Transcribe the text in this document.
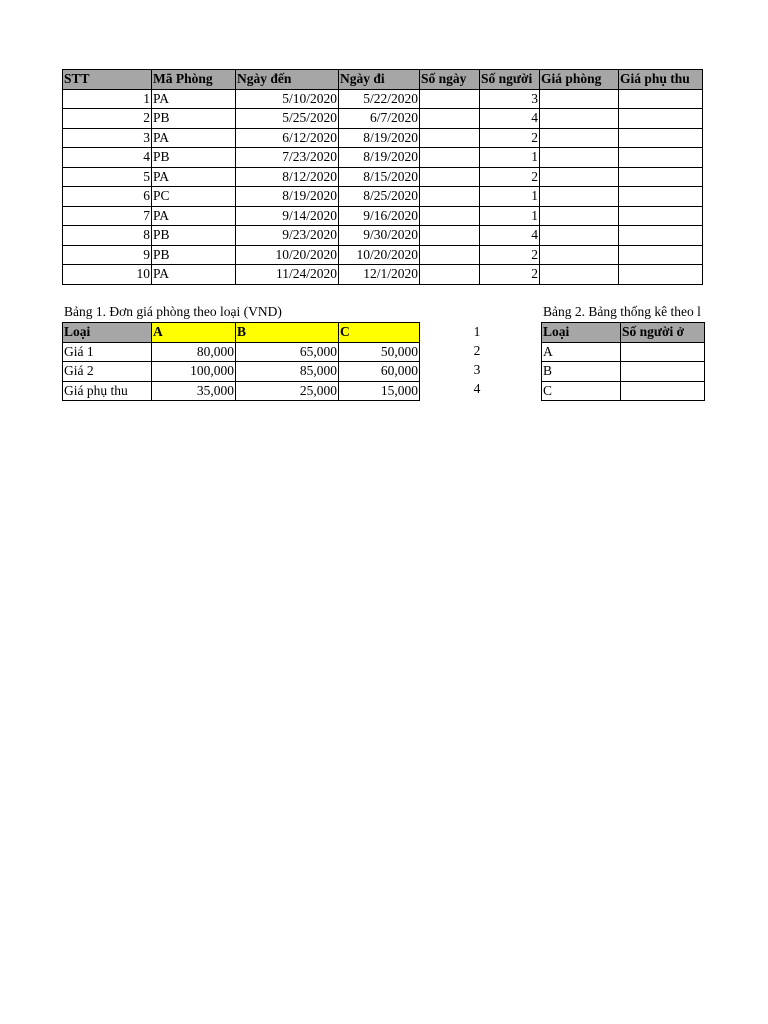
STT	Mã Phòng	Ngày đến	Ngày đi	Số ngày	Số người	Giá phòng	Giá phụ thu
1	PA	5/10/2020	5/22/2020		3		
2	PB	5/25/2020	6/7/2020		4		
3	PA	6/12/2020	8/19/2020		2		
4	PB	7/23/2020	8/19/2020		1		
5	PA	8/12/2020	8/15/2020		2		
6	PC	8/19/2020	8/25/2020		1		
7	PA	9/14/2020	9/16/2020		1		
8	PB	9/23/2020	9/30/2020		4		
9	PB	10/20/2020	10/20/2020		2		
10	PA	11/24/2020	12/1/2020		2		
Bảng 1. Đơn giá phòng theo loại (VND)
Loại	A	B	C
Giá 1	80,000	65,000	50,000
Giá 2	100,000	85,000	60,000
Giá phụ thu	35,000	25,000	15,000
1
2
3
4
Bảng 2. Bảng thống kê theo l
Loại	Số người ở
A	
B	
C	
